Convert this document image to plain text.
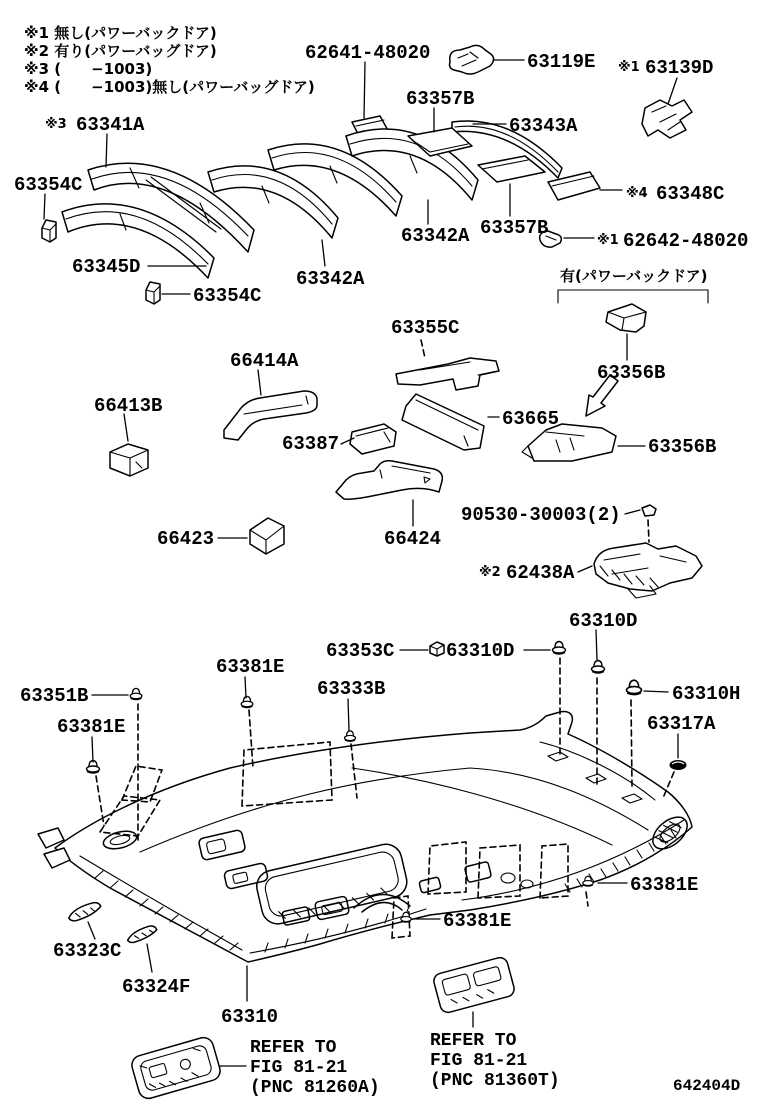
※1 無し(パワーバックドア)
※2 有り(パワーバッグドア)
※3 (　　−1003)
※4 (　　−1003)無し(パワーバッグドア)
62641-48020	63119E ※1 63139D
63357B
63343A
※3 63341A
63354C	※4 63348C
63342A 63357B
※1 62642-48020
63345D
63342A
63354C
有(パワーバックドア)
63355C
66414A
63356B
66413B
63665
63387	63356B
66423	66424
90530-30003(2)
※2 62438A
63310D
63353C	63310D
63381E
63333B
63351B
63381E
63310H
63317A
63381E
63381E
63323C
63324F
63310
REFER TO
FIG 81-21
(PNC 81260A)
REFER TO
FIG 81-21
(PNC 81360T)	642404D
